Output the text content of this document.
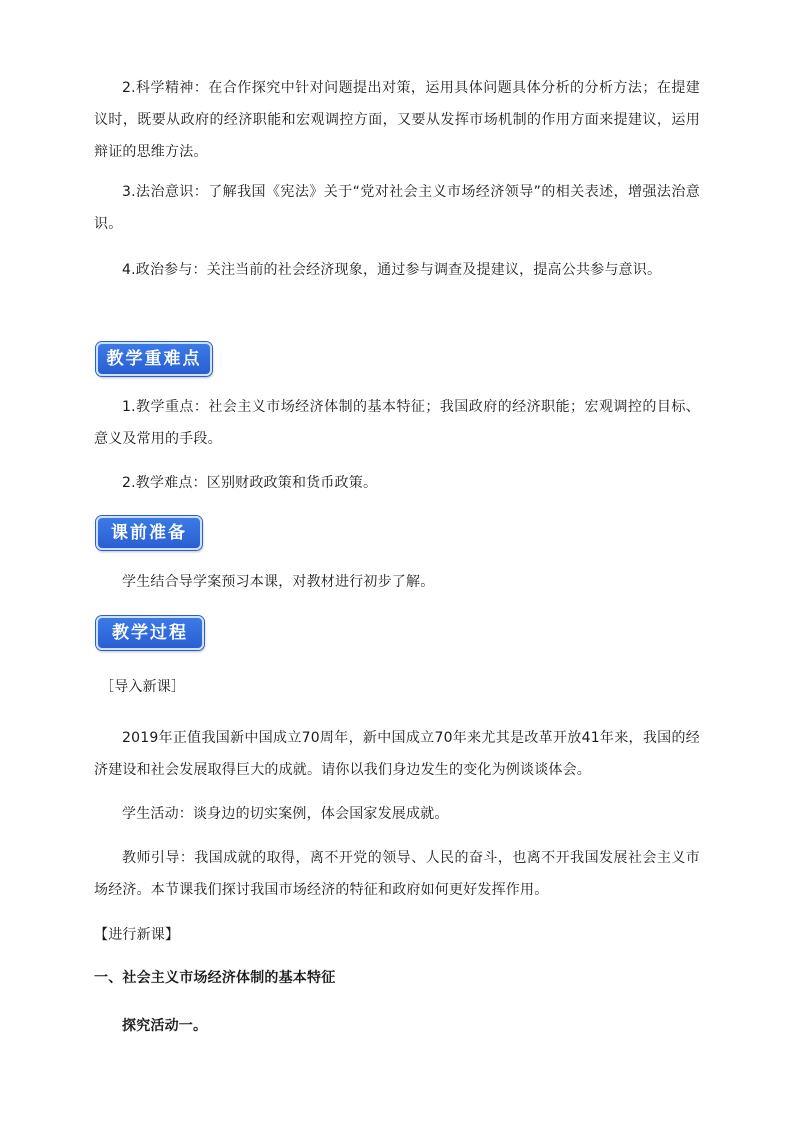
2.科学精神：在合作探究中针对问题提出对策，运用具体问题具体分析的分析方法；在提建议时，既要从政府的经济职能和宏观调控方面，又要从发挥市场机制的作用方面来提建议，运用辩证的思维方法。

3.法治意识：了解我国《宪法》关于“党对社会主义市场经济领导”的相关表述，增强法治意识。

4.政治参与：关注当前的社会经济现象，通过参与调查及提建议，提高公共参与意识。

教学重难点

1.教学重点：社会主义市场经济体制的基本特征；我国政府的经济职能；宏观调控的目标、意义及常用的手段。

2.教学难点：区别财政政策和货币政策。

课前准备

学生结合导学案预习本课，对教材进行初步了解。

教学过程

［导入新课］

2019年正值我国新中国成立70周年，新中国成立70年来尤其是改革开放41年来，我国的经济建设和社会发展取得巨大的成就。请你以我们身边发生的变化为例谈谈体会。

学生活动：谈身边的切实案例，体会国家发展成就。

教师引导：我国成就的取得，离不开党的领导、人民的奋斗，也离不开我国发展社会主义市场经济。本节课我们探讨我国市场经济的特征和政府如何更好发挥作用。

【进行新课】

一、社会主义市场经济体制的基本特征

探究活动一。
